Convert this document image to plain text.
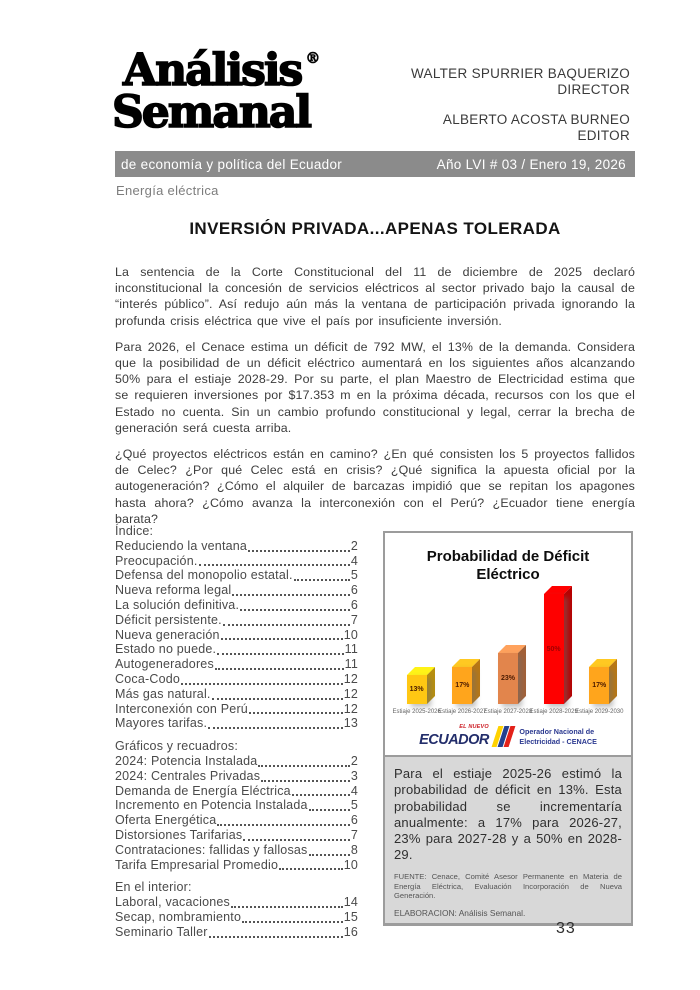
Análisis ®
Semanal
WALTER SPURRIER BAQUERIZO
DIRECTOR
ALBERTO ACOSTA BURNEO
EDITOR
de economía y política del Ecuador	Año LVI # 03 / Enero 19, 2026
Energía eléctrica
INVERSIÓN PRIVADA...APENAS TOLERADA

La sentencia de la Corte Constitucional del 11 de diciembre de 2025 declaró inconstitucional la concesión de servicios eléctricos al sector privado bajo la causal de “interés público”. Así redujo aún más la ventana de participación privada ignorando la profunda crisis eléctrica que vive el país por insuficiente inversión.

Para 2026, el Cenace estima un déficit de 792 MW, el 13% de la demanda. Considera que la posibilidad de un déficit eléctrico aumentará en los siguientes años alcanzando 50% para el estiaje 2028-29. Por su parte, el plan Maestro de Electricidad estima que se requieren inversiones por $17.353 m en la próxima década, recursos con los que el Estado no cuenta. Sin un cambio profundo constitucional y legal, cerrar la brecha de generación será cuesta arriba.

¿Qué proyectos eléctricos están en camino? ¿En qué consisten los 5 proyectos fallidos de Celec? ¿Por qué Celec está en crisis? ¿Qué significa la apuesta oficial por la autogeneración? ¿Cómo el alquiler de barcazas impidió que se repitan los apagones hasta ahora? ¿Cómo avanza la interconexión con el Perú? ¿Ecuador tiene energía barata?

Índice:
Reduciendo la ventana	2
Preocupación.	4
Defensa del monopolio estatal.	5
Nueva reforma legal	6
La solución definitiva.	6
Déficit persistente.	7
Nueva generación	10
Estado no puede.	11
Autogeneradores	11
Coca-Codo	12
Más gas natural.	12
Interconexión con Perú	12
Mayores tarifas.	13
Gráficos y recuadros:
2024: Potencia Instalada	2
2024: Centrales Privadas	3
Demanda de Energía Eléctrica	4
Incremento en Potencia Instalada	5
Oferta Energética	6
Distorsiones Tarifarias	7
Contrataciones: fallidas y fallosas	8
Tarifa Empresarial Promedio	10
En el interior:
Laboral, vacaciones	14
Secap, nombramiento	15
Seminario Taller	16
Probabilidad de Déficit
Eléctrico
13%
Estiaje 2025-2026
17%
Estiaje 2026-2027
23%
Estiaje 2027-2028
50%
Estiaje 2028-2029
17%
Estiaje 2029-2030
EL NUEVO
ECUADOR
Operador Nacional de
Electricidad - CENACE

Para el estiaje 2025-26 estimó la probabilidad de déficit en 13%. Esta probabilidad se incrementaría anualmente: a 17% para 2026-27, 23% para 2027-28 y a 50% en 2028-29.

FUENTE: Cenace, Comité Asesor Permanente en Materia de Energía Eléctrica, Evaluación Incorporación de Nueva Generación.

ELABORACION: Análisis Semanal.

33
